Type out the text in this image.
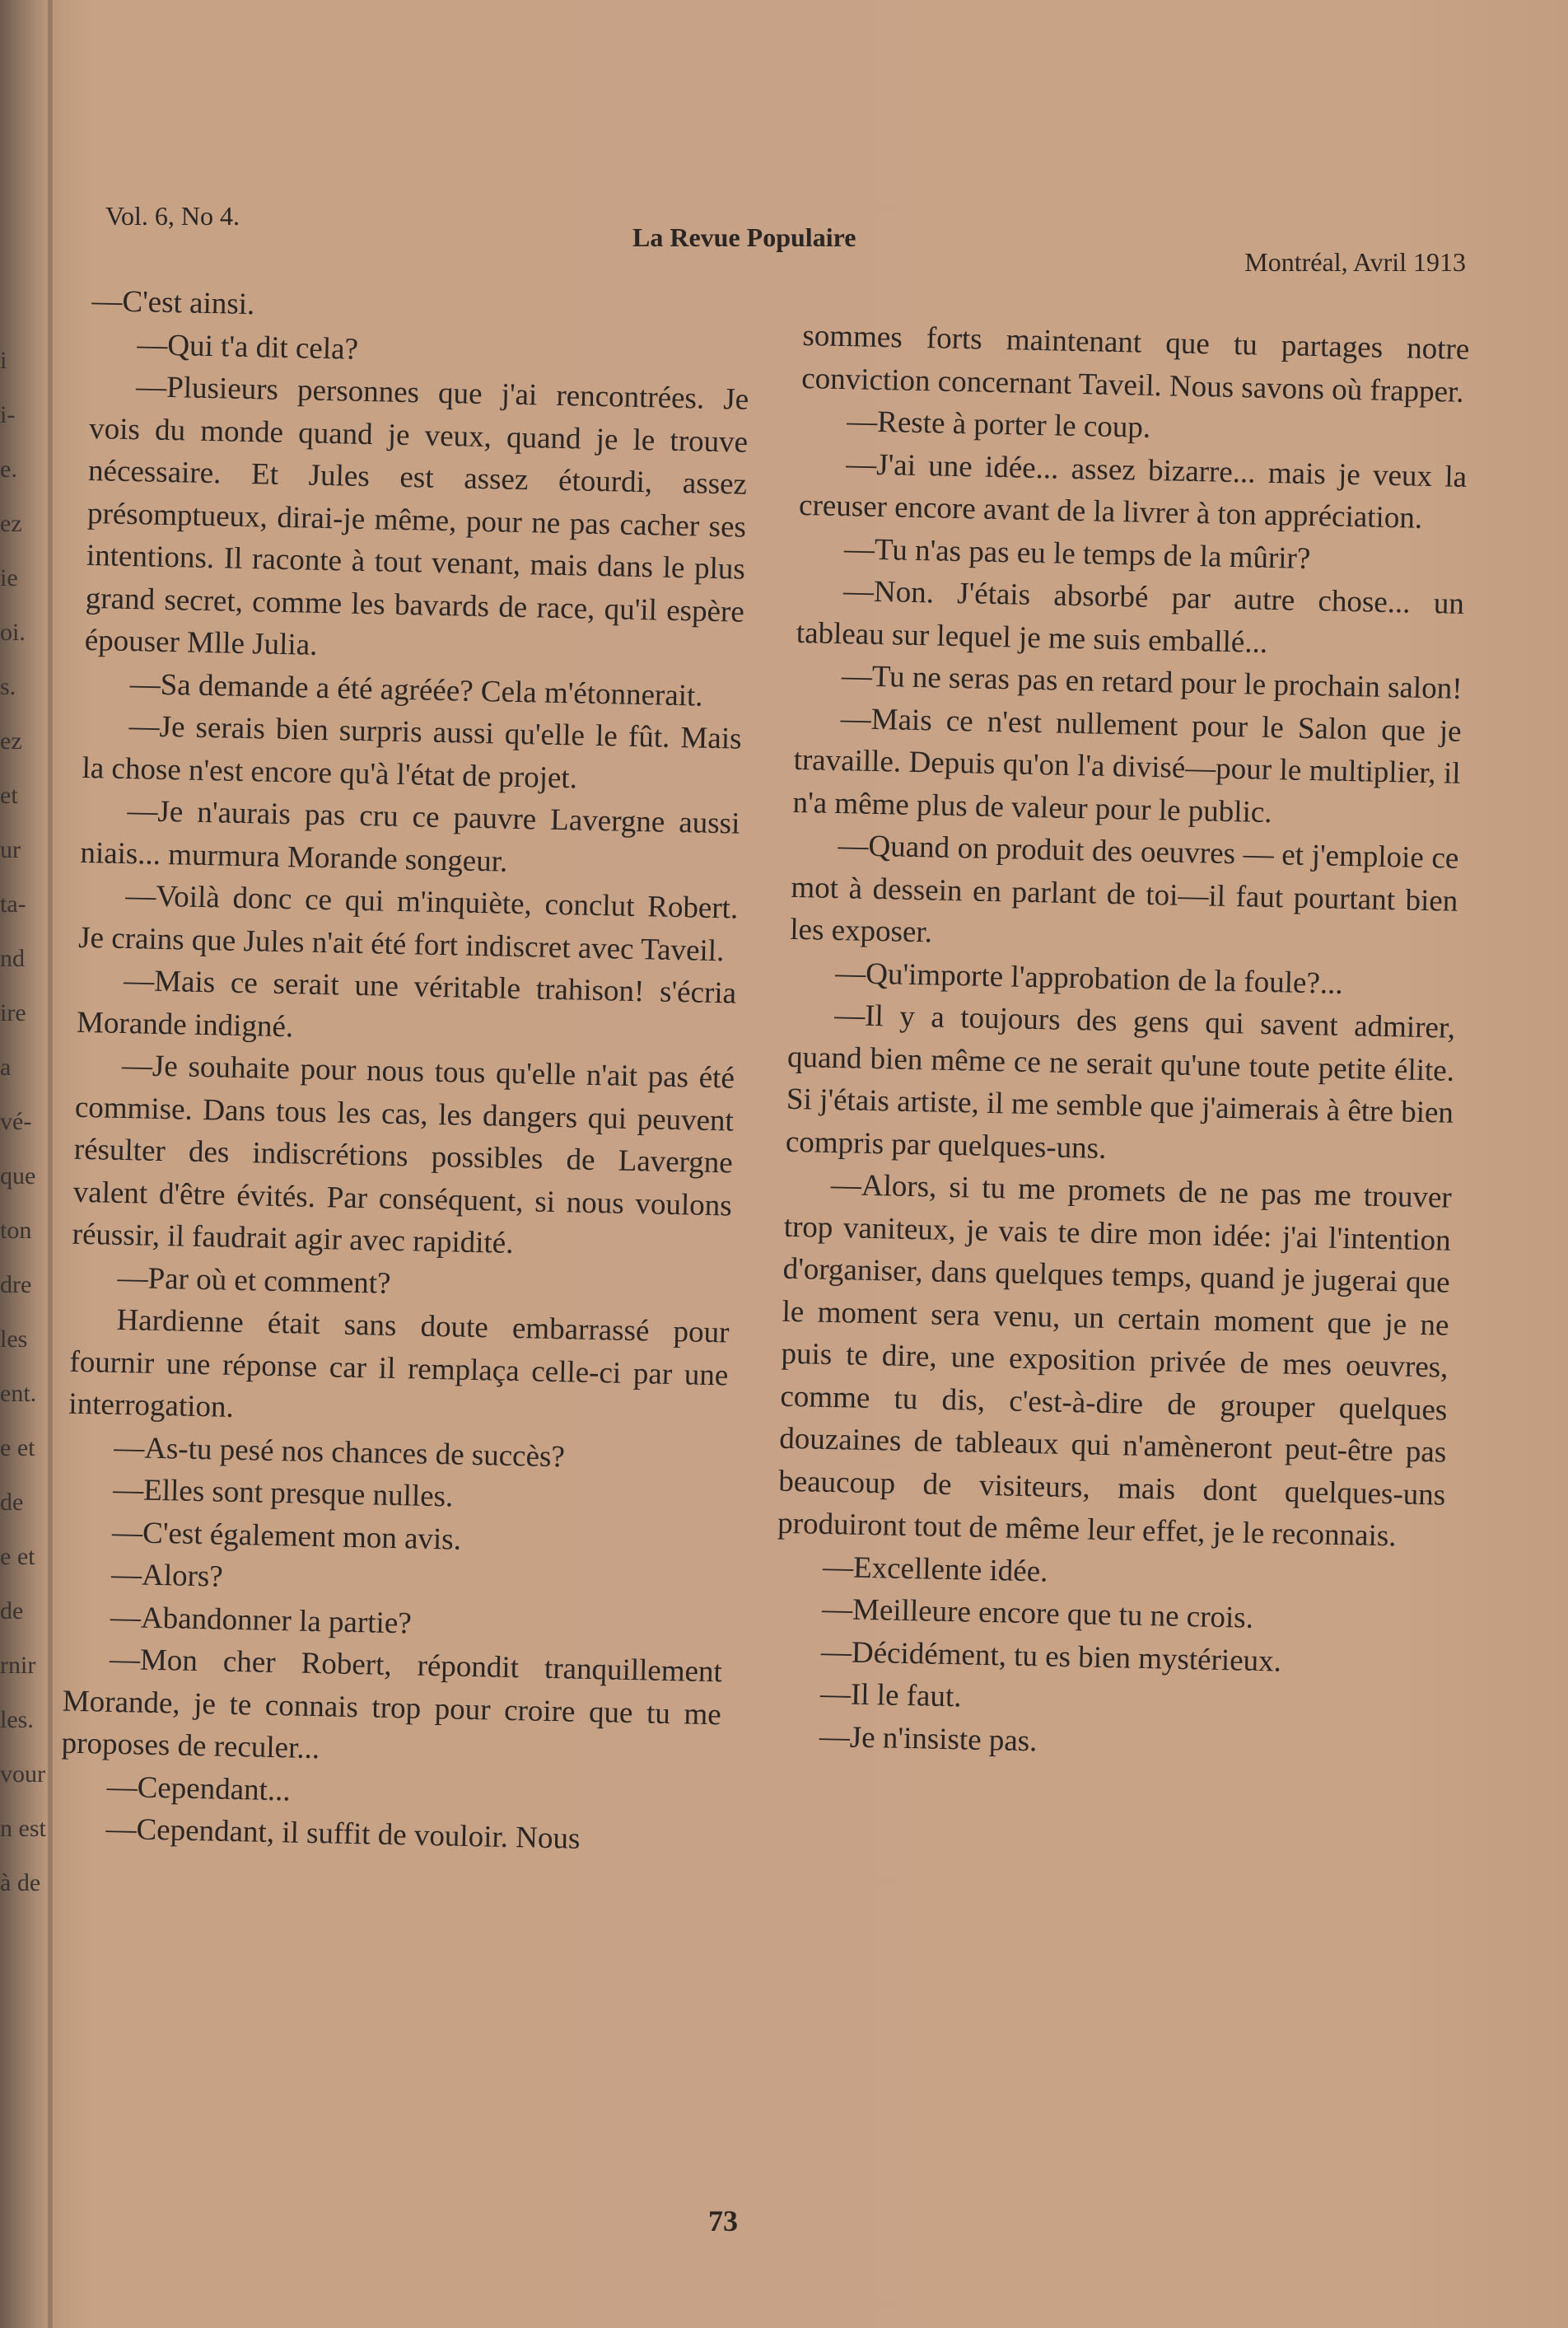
i
i-
e.
ez
ie
oi.
s.
ez
et
ur
ta-
nd
ire
a
vé-
que
ton
dre
les
ent.
e et
de
e et
de
rnir
les.
vour
n est
à de
Vol. 6, No 4.
La Revue Populaire
Montréal, Avril 1913

—C'est ainsi.

—Qui t'a dit cela?

—Plusieurs personnes que j'ai rencontrées. Je vois du monde quand je veux, quand je le trouve nécessaire. Et Jules est assez étourdi, assez présomptueux, dirai-je même, pour ne pas cacher ses intentions. Il raconte à tout venant, mais dans le plus grand secret, comme les bavards de race, qu'il espère épouser Mlle Julia.

—Sa demande a été agréée? Cela m'étonnerait.

—Je serais bien surpris aussi qu'elle le fût. Mais la chose n'est encore qu'à l'état de projet.

—Je n'aurais pas cru ce pauvre Lavergne aussi niais... murmura Morande songeur.

—Voilà donc ce qui m'inquiète, conclut Robert. Je crains que Jules n'ait été fort indiscret avec Taveil.

—Mais ce serait une véritable trahison! s'écria Morande indigné.

—Je souhaite pour nous tous qu'elle n'ait pas été commise. Dans tous les cas, les dangers qui peuvent résulter des indiscrétions possibles de Lavergne valent d'être évités. Par conséquent, si nous voulons réussir, il faudrait agir avec rapidité.

—Par où et comment?

Hardienne était sans doute embarrassé pour fournir une réponse car il remplaça celle-ci par une interrogation.

—As-tu pesé nos chances de succès?

—Elles sont presque nulles.

—C'est également mon avis.

—Alors?

—Abandonner la partie?

—Mon cher Robert, répondit tranquillement Morande, je te connais trop pour croire que tu me proposes de reculer...

—Cependant...

—Cependant, il suffit de vouloir. Nous

sommes forts maintenant que tu partages notre conviction concernant Taveil. Nous savons où frapper.

—Reste à porter le coup.

—J'ai une idée... assez bizarre... mais je veux la creuser encore avant de la livrer à ton appréciation.

—Tu n'as pas eu le temps de la mûrir?

—Non. J'étais absorbé par autre chose... un tableau sur lequel je me suis emballé...

—Tu ne seras pas en retard pour le prochain salon!

—Mais ce n'est nullement pour le Salon que je travaille. Depuis qu'on l'a divisé—pour le multiplier, il n'a même plus de valeur pour le public.

—Quand on produit des oeuvres — et j'emploie ce mot à dessein en parlant de toi—il faut pourtant bien les exposer.

—Qu'importe l'approbation de la foule?...

—Il y a toujours des gens qui savent admirer, quand bien même ce ne serait qu'une toute petite élite. Si j'étais artiste, il me semble que j'aimerais à être bien compris par quelques-uns.

—Alors, si tu me promets de ne pas me trouver trop vaniteux, je vais te dire mon idée: j'ai l'intention d'organiser, dans quelques temps, quand je jugerai que le moment sera venu, un certain moment que je ne puis te dire, une exposition privée de mes oeuvres, comme tu dis, c'est-à-dire de grouper quelques douzaines de tableaux qui n'amèneront peut-être pas beaucoup de visiteurs, mais dont quelques-uns produiront tout de même leur effet, je le reconnais.

—Excellente idée.

—Meilleure encore que tu ne crois.

—Décidément, tu es bien mystérieux.

—Il le faut.

—Je n'insiste pas.

73
